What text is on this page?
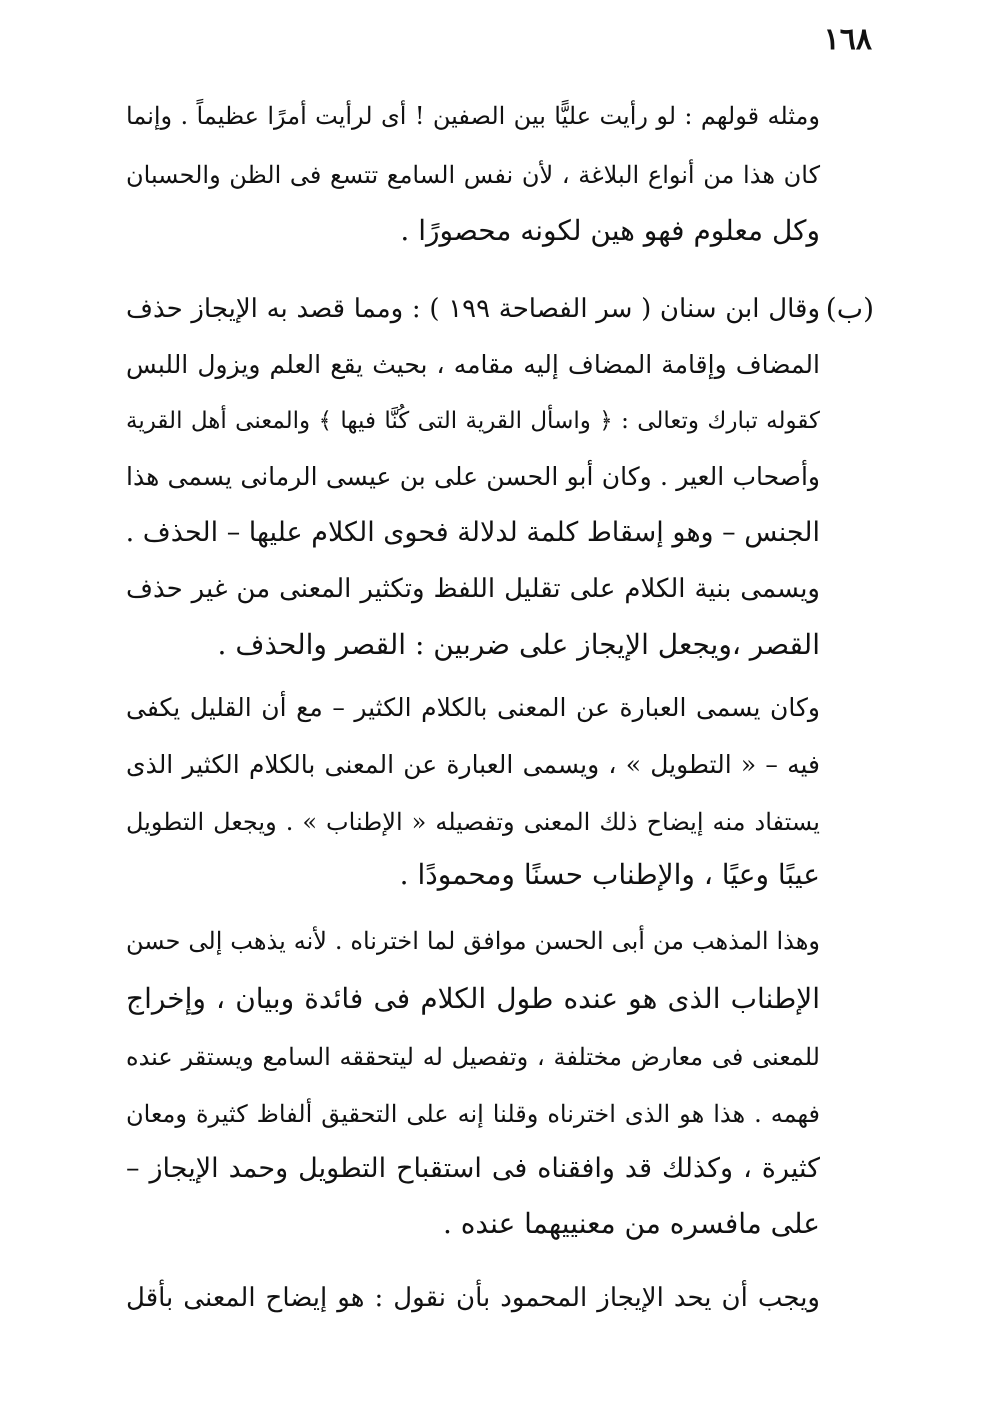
١٦٨
ومثله قولهم : لو رأيت عليًّا بين الصفين ! أى لرأيت أمرًا عظيماً . وإنما
كان هذا من أنواع البلاغة ، لأن نفس السامع تتسع فى الظن والحسبان
وكل معلوم فهو هين لكونه محصورًا .
(ب)
وقال ابن سنان ( سر الفصاحة ١٩٩ ) : ومما قصد به الإيجاز حذف
المضاف وإقامة المضاف إليه مقامه ، بحيث يقع العلم ويزول اللبس
كقوله تبارك وتعالى : ﴿ واسأل القرية التى كُنَّا فيها ﴾ والمعنى أهل القرية
وأصحاب العير . وكان أبو الحسن على بن عيسى الرمانى يسمى هذا
الجنس – وهو إسقاط كلمة لدلالة فحوى الكلام عليها – الحذف .
ويسمى بنية الكلام على تقليل اللفظ وتكثير المعنى من غير حذف
القصر ،ويجعل الإيجاز على ضربين : القصر والحذف .
وكان يسمى العبارة عن المعنى بالكلام الكثير – مع أن القليل يكفى
فيه – « التطويل » ، ويسمى العبارة عن المعنى بالكلام الكثير الذى
يستفاد منه إيضاح ذلك المعنى وتفصيله « الإطناب » . ويجعل التطويل
عيبًا وعيًا ، والإطناب حسنًا ومحمودًا .
وهذا المذهب من أبى الحسن موافق لما اخترناه . لأنه يذهب إلى حسن
الإطناب الذى هو عنده طول الكلام فى فائدة وبيان ، وإخراج
للمعنى فى معارض مختلفة ، وتفصيل له ليتحققه السامع ويستقر عنده
فهمه . هذا هو الذى اخترناه وقلنا إنه على التحقيق ألفاظ كثيرة ومعان
كثيرة ، وكذلك قد وافقناه فى استقباح التطويل وحمد الإيجاز –
على مافسره من معنييهما عنده .
ويجب أن يحد الإيجاز المحمود بأن نقول : هو إيضاح المعنى بأقل
